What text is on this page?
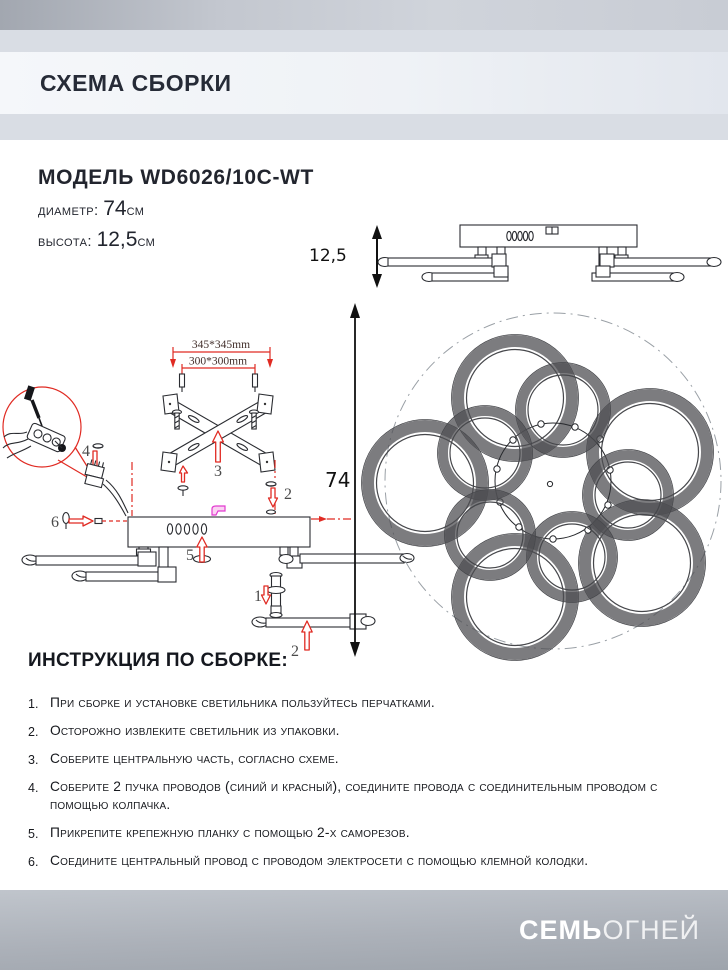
СХЕМА СБОРКИ
МОДЕЛЬ WD6026/10C-WT
диаметр: 74см
высота: 12,5см
12,5
345*345mm
300*300mm
3
4
6
2
5
1
2
74
ИНСТРУКЦИЯ ПО СБОРКЕ:
1. При сборке и установке светильника пользуйтесь перчатками.
2. Осторожно извлеките светильник из упаковки.
3. Соберите центральную часть, согласно схеме.
4. Соберите 2 пучка проводов (синий и красный), соедините провода с соединительным проводом с помощью колпачка.
5. Прикрепите крепежную планку с помощью 2-х саморезов.
6. Соедините центральный провод с проводом электросети с помощью клемной колодки.
СЕМЬОГНЕЙ
